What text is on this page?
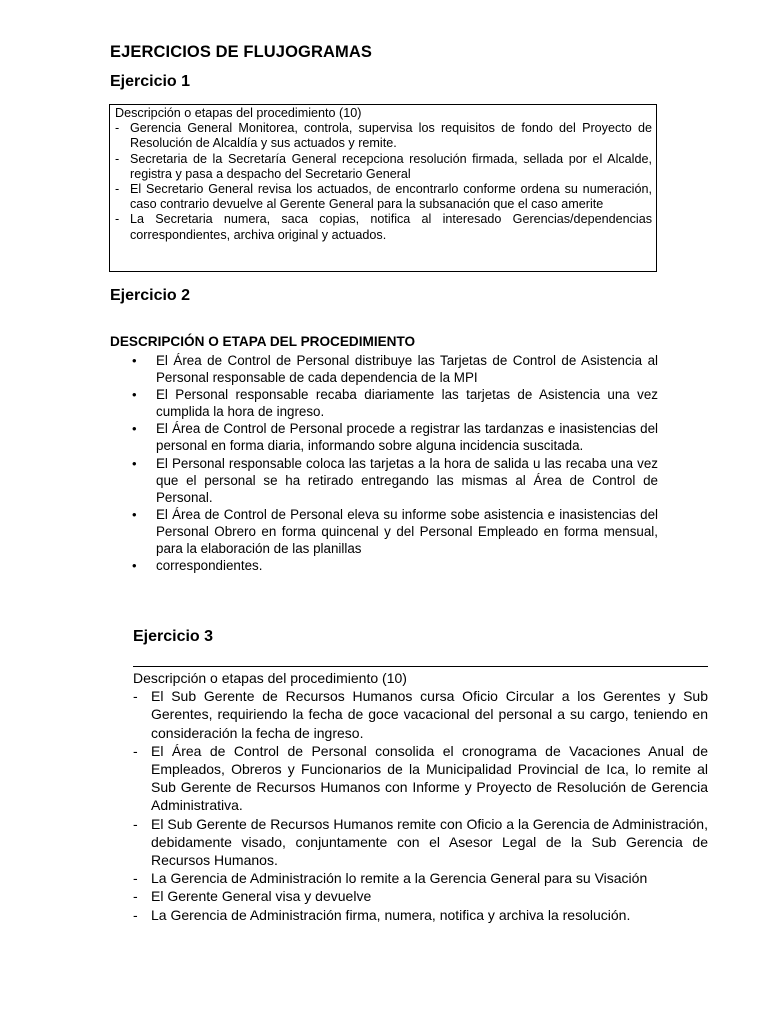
EJERCICIOS DE FLUJOGRAMAS
Ejercicio 1

Descripción o etapas del procedimiento (10)

- Gerencia General Monitorea, controla, supervisa los requisitos de fondo del Proyecto de Resolución de Alcaldía y sus actuados y remite.
- Secretaria de la Secretaría General recepciona resolución firmada, sellada por el Alcalde, registra y pasa a despacho del Secretario General
- El Secretario General revisa los actuados, de encontrarlo conforme ordena su numeración, caso contrario devuelve al Gerente General para la subsanación que el caso amerite
- La Secretaria numera, saca copias, notifica al interesado Gerencias/dependencias correspondientes, archiva original y actuados.
Ejercicio 2

DESCRIPCIÓN O ETAPA DEL PROCEDIMIENTO

• El Área de Control de Personal distribuye las Tarjetas de Control de Asistencia al Personal responsable de cada dependencia de la MPI
• El Personal responsable recaba diariamente las tarjetas de Asistencia una vez cumplida la hora de ingreso.
• El Área de Control de Personal procede a registrar las tardanzas e inasistencias del personal en forma diaria, informando sobre alguna incidencia suscitada.
• El Personal responsable coloca las tarjetas a la hora de salida u las recaba una vez que el personal se ha retirado entregando las mismas al Área de Control de Personal.
• El Área de Control de Personal eleva su informe sobe asistencia e inasistencias del Personal Obrero en forma quincenal y del Personal Empleado en forma mensual, para la elaboración de las planillas
• correspondientes.
Ejercicio 3

Descripción o etapas del procedimiento (10)

- El Sub Gerente de Recursos Humanos cursa Oficio Circular a los Gerentes y Sub Gerentes, requiriendo la fecha de goce vacacional del personal a su cargo, teniendo en consideración la fecha de ingreso.
- El Área de Control de Personal consolida el cronograma de Vacaciones Anual de Empleados, Obreros y Funcionarios de la Municipalidad Provincial de Ica, lo remite al Sub Gerente de Recursos Humanos con Informe y Proyecto de Resolución de Gerencia Administrativa.
- El Sub Gerente de Recursos Humanos remite con Oficio a la Gerencia de Administración, debidamente visado, conjuntamente con el Asesor Legal de la Sub Gerencia de Recursos Humanos.
- La Gerencia de Administración lo remite a la Gerencia General para su Visación
- El Gerente General visa y devuelve
- La Gerencia de Administración firma, numera, notifica y archiva la resolución.
